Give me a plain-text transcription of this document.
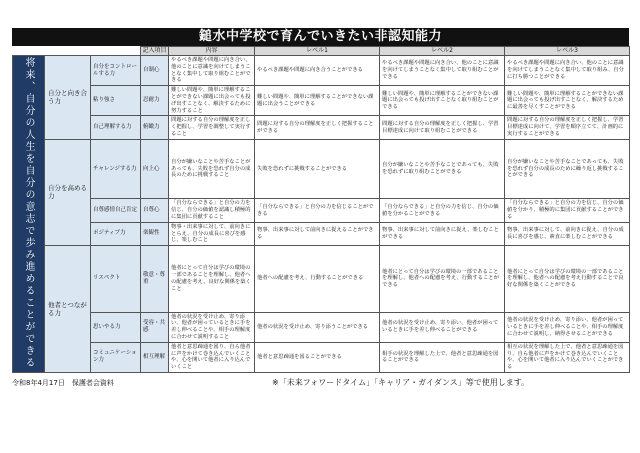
鎚水中学校で育んでいきたい非認知能力
			記入項目	内容	レベル1	レベル2	レベル3
将来、自分の人生を自分の意志で歩み進めることができる	自分と向き合う力	自分をコントロールする力	自制心	やるべき課題や問題に向き合い、他のことに意識を向けてしまうことなく集中して取り組むことができる	やるべき課題や問題に向き合うことができる	やるべき課題や問題に向き合い、他のことに意識を向けてしまうことなく集中して取り組むことができる	やるべき課題や問題に向き合い、他のことに意識を向けてしまうことなく集中して取り組み、自分に打ち勝つことができる
		粘り強さ	忍耐力	難しい問題や、簡単に理解することができない課題に出会っても投げ出すことなく、解決するために努力すること	難しい問題や、簡単に理解することができない課題に出会うことができる	難しい問題や、簡単に理解することができない課題に出会っても投げ出すことなく取り組むことができる	難しい問題や、簡単に理解することができない課題に出会っても投げ出すことなく、解決するために最善を尽くすことができる
		自己理解する力	俯瞰力	問題に対する自分の理解度を正しく把握し、学習を調整して実行すること	問題に対する自分の理解度を正しく把握することができる	問題に対する自分の理解度を正しく把握し、学習目標達成に向けて取り組むことができる	問題に対する自分の理解度を正しく把握し、学習目標達成に向けて、学習を順序立てて、計画的に実行することができる
	自分を高める力	チャレンジする力	向上心	自分が嫌いなことや苦手なことがあっても、失敗を恐れず自分の成長のために挑戦すること	失敗を恐れずに挑戦することができる	自分が嫌いなことや苦手なことであっても、失敗を恐れずに取り組むことができる	自分が嫌いなことや苦手なことであっても、失敗を恐れず自分の成長のために繰り返し挑戦することができる
		自尊感情自己肯定	自尊心	「自分ならできる」と自分の力を信じ、自分の価値を認識し積極的に集団に貢献すること	「自分ならできる」と自分の力を信じることができる	「自分ならできる」と自分の力を信じ、自分の価値を分かることができる	「自分ならできる」と自分の力を信じ、自分の価値を分かり、積極的に集団に貢献することができる
		ポジティブ力	楽観性	物事・出来事に対して、前向きにとらえ、自分の成長に喜びを感じ、楽しむこと	物事、出来事に対して前向きに捉えることができる	物事、出来事に対して前向きに捉え、楽しむことができる	物事、出来事に対して、前向きに捉え、自分の成長に喜びを感じ、素直に楽しむことができる
	他者とつながる力	リスペクト	敬意・尊重	他者にとって自分は学びの環境の一部であることを理解し、他者への配慮を考え、良好な関係を築くこと	他者への配慮を考え、行動することができる	他者にとって自分は学びの環境の一部であることを理解し、他者への配慮を考え、行動することができる	他者にとって自分は学びの環境の一部であることを理解し、他者への配慮を考え行動することで良好な関係を築くことができる
		思いやる力	受容・共感	他者の状況を受け止め、寄り添い、他者が困っているときに手を差し伸べることや、相手の理解度に合わせて説明すること	他者の状況を受け止め、寄り添うことができる	他者の状況を受け止め、寄り添い、他者が困っているときに手を差し伸べることができる	他者の状況を受け止め、寄り添い、他者が困っているときに手を差し伸べることや、相手の理解度に合わせて説明し、納得させることができる
		コミュニケーション力	相互理解	他者と意思疎通を図り、自ら他者に声をかけて巻き込んでいくことや、心を開いて他者に入り込んでいくこと	他者と意思疎通を図ることができる	相手の状況を理解した上で、他者と意思疎通を図ることができる	相互の状況を理解した上で、他者と意思疎通を図り、自ら他者に声をかけて巻き込んでいくことや、心を開いて他者に入り込んでいくことができる
令和8年4月17日　保護者会資料	※「未来フォワードタイム」「キャリア・ガイダンス」等で使用します。
